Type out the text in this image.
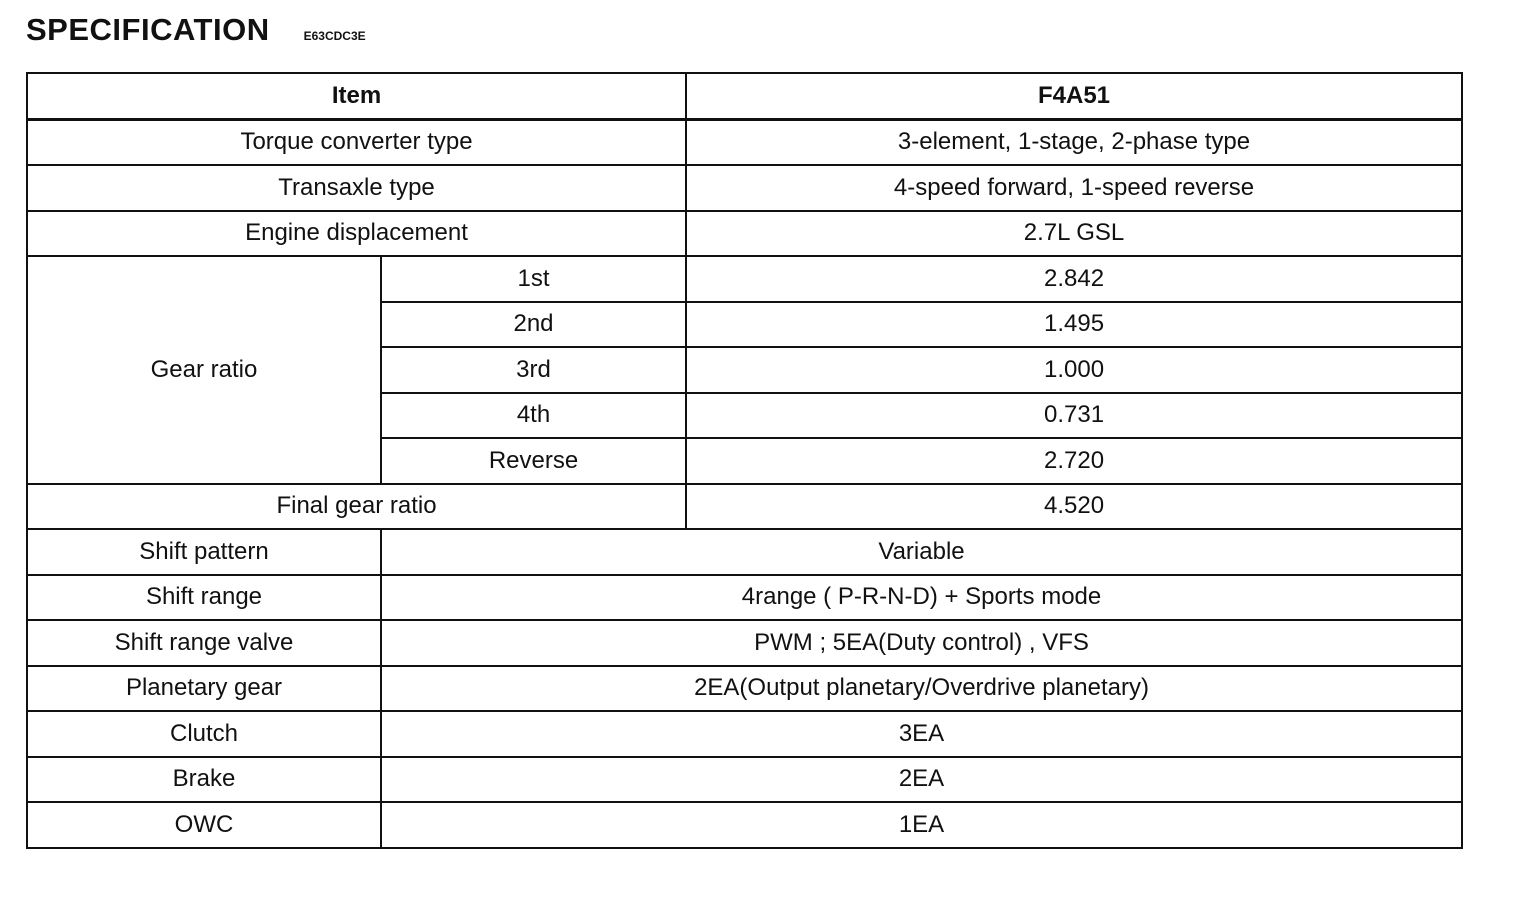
SPECIFICATION	E63CDC3E
Item		F4A51
Torque converter type		3-element, 1-stage, 2-phase type
Transaxle type		4-speed forward, 1-speed reverse
Engine displacement		2.7L GSL
Gear ratio	1st	2.842
	2nd	1.495
	3rd	1.000
	4th	0.731
	Reverse	2.720
Final gear ratio		4.520
Shift pattern	Variable	
Shift range	4range ( P-R-N-D) + Sports mode	
Shift range valve	PWM ; 5EA(Duty control) , VFS	
Planetary gear	2EA(Output planetary/Overdrive planetary)	
Clutch	3EA	
Brake	2EA	
OWC	1EA	
